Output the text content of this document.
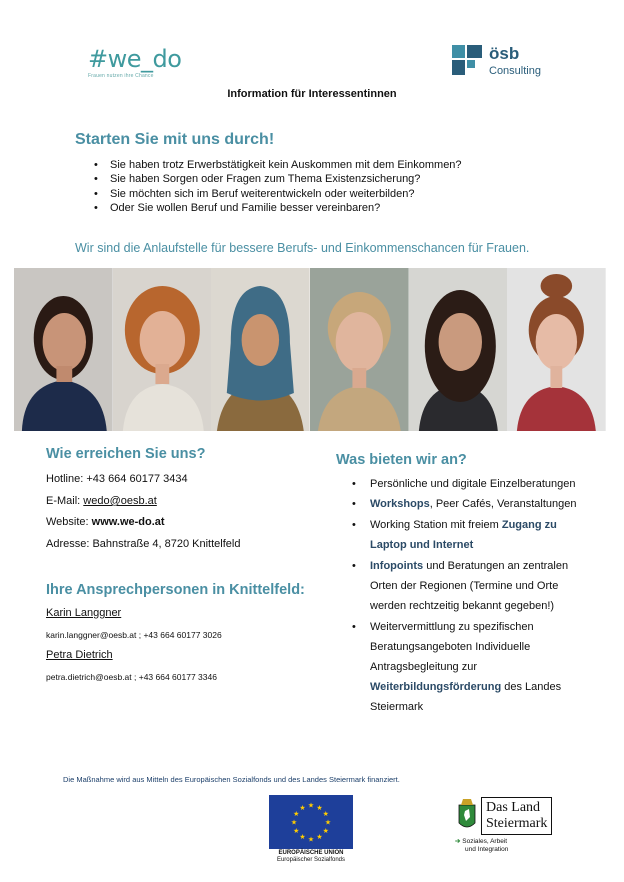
#we_do
Frauen nutzen ihre Chance
ösb
Consulting
Information für Interessentinnen
Starten Sie mit uns durch!
• Sie haben trotz Erwerbstätigkeit kein Auskommen mit dem Einkommen?
• Sie haben Sorgen oder Fragen zum Thema Existenzsicherung?
• Sie möchten sich im Beruf weiterentwickeln oder weiterbilden?
• Oder Sie wollen Beruf und Familie besser vereinbaren?
Wir sind die Anlaufstelle für bessere Berufs- und Einkommenschancen für Frauen.
Wie erreichen Sie uns?
Hotline: +43 664 60177 3434
E-Mail: wedo@oesb.at
Website: www.we-do.at
Adresse: Bahnstraße 4, 8720 Knittelfeld
Ihre Ansprechpersonen in Knittelfeld:
Karin Langgner
karin.langgner@oesb.at ; +43 664 60177 3026
Petra Dietrich
petra.dietrich@oesb.at ; +43 664 60177 3346
Was bieten wir an?
• Persönliche und digitale Einzelberatungen
• Workshops, Peer Cafés, Veranstaltungen
• Working Station mit freiem Zugang zu Laptop und Internet
• Infopoints und Beratungen an zentralen Orten der Regionen (Termine und Orte werden rechtzeitig bekannt gegeben!)
• Weitervermittlung zu spezifischen Beratungsangeboten Individuelle Antragsbegleitung zur Weiterbildungsförderung des Landes Steiermark
Die Maßnahme wird aus Mitteln des Europäischen Sozialfonds und des Landes Steiermark finanziert.
★
★
★
★
★
★
★
★
★ ★ ★
★
EUROPÄISCHE UNION
Europäischer Sozialfonds
Das Land
Steiermark
➔ Soziales, Arbeit
und Integration
